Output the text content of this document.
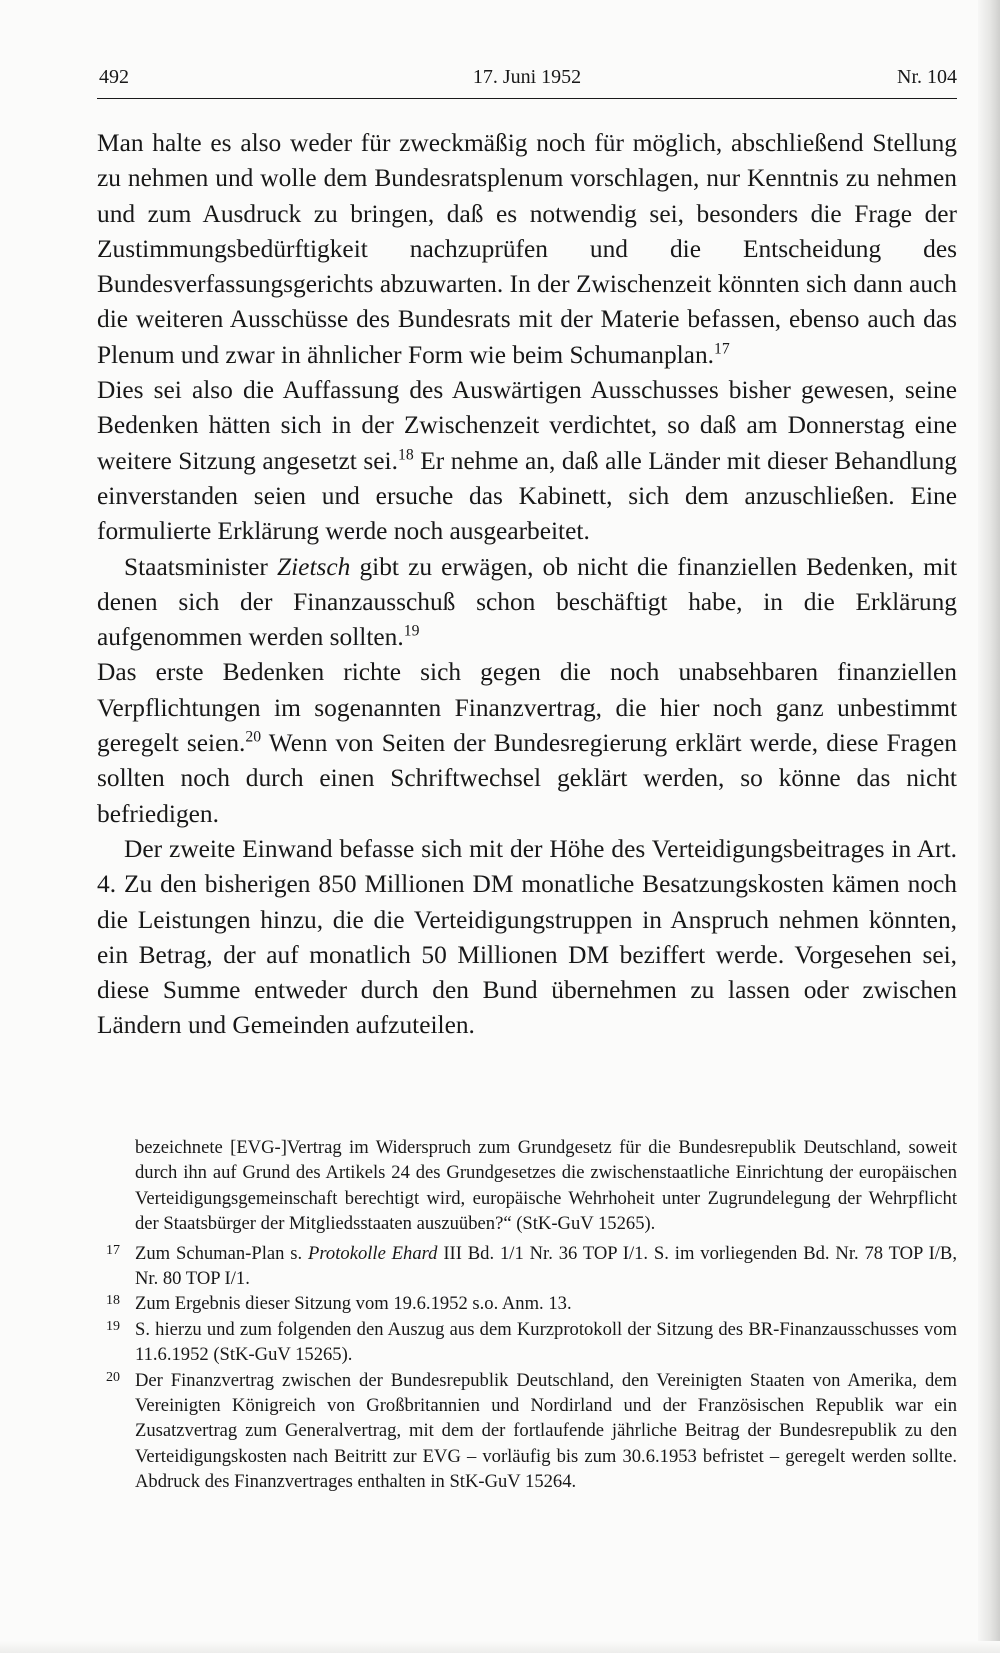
492	17. Juni 1952	Nr. 104

Man halte es also weder für zweckmäßig noch für möglich, abschließend Stellung zu nehmen und wolle dem Bundesratsplenum vorschlagen, nur Kenntnis zu nehmen und zum Ausdruck zu bringen, daß es notwendig sei, besonders die Frage der Zustimmungsbedürftigkeit nachzuprüfen und die Entscheidung des Bundesverfassungsgerichts abzuwarten. In der Zwischenzeit könnten sich dann auch die weiteren Ausschüsse des Bundesrats mit der Materie befassen, ebenso auch das Plenum und zwar in ähnlicher Form wie beim Schumanplan.$^{17}$

Dies sei also die Auffassung des Auswärtigen Ausschusses bisher gewesen, seine Bedenken hätten sich in der Zwischenzeit verdichtet, so daß am Donnerstag eine weitere Sitzung angesetzt sei.$^{18}$ Er nehme an, daß alle Länder mit dieser Behandlung einverstanden seien und ersuche das Kabinett, sich dem anzuschließen. Eine formulierte Erklärung werde noch ausgearbeitet.

Staatsminister Zietsch gibt zu erwägen, ob nicht die finanziellen Bedenken, mit denen sich der Finanzausschuß schon beschäftigt habe, in die Erklärung aufgenommen werden sollten.$^{19}$

Das erste Bedenken richte sich gegen die noch unabsehbaren finanziellen Verpflichtungen im sogenannten Finanzvertrag, die hier noch ganz unbestimmt geregelt seien.$^{20}$ Wenn von Seiten der Bundesregierung erklärt werde, diese Fragen sollten noch durch einen Schriftwechsel geklärt werden, so könne das nicht befriedigen.

Der zweite Einwand befasse sich mit der Höhe des Verteidigungsbeitrages in Art. 4. Zu den bisherigen 850 Millionen DM monatliche Besatzungskosten kämen noch die Leistungen hinzu, die die Verteidigungstruppen in Anspruch nehmen könnten, ein Betrag, der auf monatlich 50 Millionen DM beziffert werde. Vorgesehen sei, diese Summe entweder durch den Bund übernehmen zu lassen oder zwischen Ländern und Gemeinden aufzuteilen.

bezeichnete [EVG-]Vertrag im Widerspruch zum Grundgesetz für die Bundesrepublik Deutschland, soweit durch ihn auf Grund des Artikels 24 des Grundgesetzes die zwischenstaatliche Einrichtung der europäischen Verteidigungsgemeinschaft berechtigt wird, europäische Wehrhoheit unter Zugrundelegung der Wehrpflicht der Staatsbürger der Mitgliedsstaaten auszuüben?“ (StK-GuV 15265).

17 Zum Schuman-Plan s. Protokolle Ehard III Bd. 1/1 Nr. 36 TOP I/1. S. im vorliegenden Bd. Nr. 78 TOP I/B, Nr. 80 TOP I/1.

18 Zum Ergebnis dieser Sitzung vom 19.6.1952 s.o. Anm. 13.

19 S. hierzu und zum folgenden den Auszug aus dem Kurzprotokoll der Sitzung des BR-Finanzausschusses vom 11.6.1952 (StK-GuV 15265).

20 Der Finanzvertrag zwischen der Bundesrepublik Deutschland, den Vereinigten Staaten von Amerika, dem Vereinigten Königreich von Großbritannien und Nordirland und der Französischen Republik war ein Zusatzvertrag zum Generalvertrag, mit dem der fortlaufende jährliche Beitrag der Bundesrepublik zu den Verteidigungskosten nach Beitritt zur EVG – vorläufig bis zum 30.6.1953 befristet – geregelt werden sollte. Abdruck des Finanzvertrages enthalten in StK-GuV 15264.
